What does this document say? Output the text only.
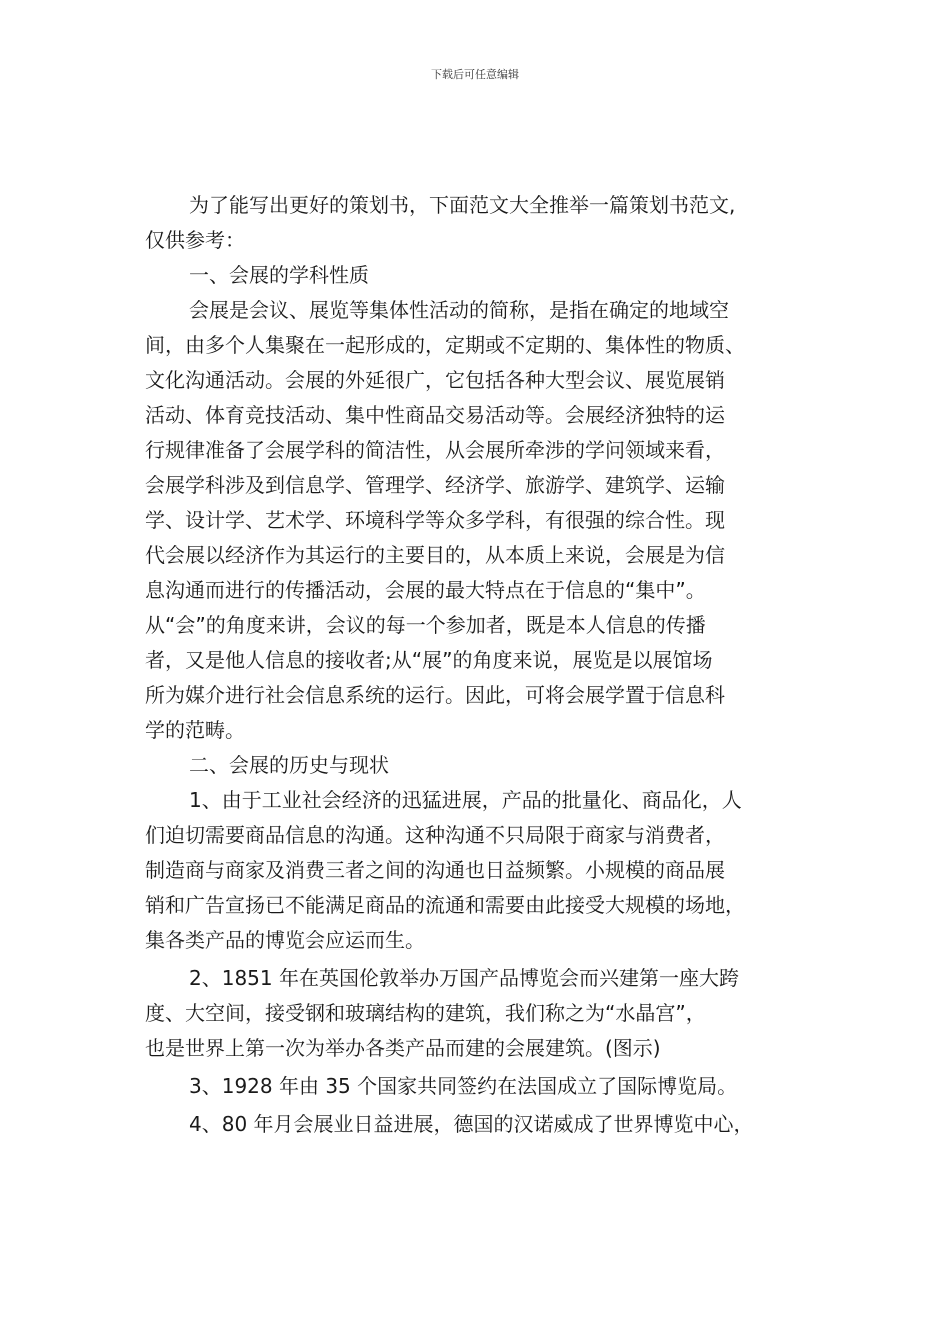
下载后可任意编辑
为了能写出更好的策划书，下面范文大全推举一篇策划书范文,
仅供参考：
一、会展的学科性质
会展是会议、展览等集体性活动的简称，是指在确定的地域空
间，由多个人集聚在一起形成的，定期或不定期的、集体性的物质、
文化沟通活动。会展的外延很广，它包括各种大型会议、展览展销
活动、体育竞技活动、集中性商品交易活动等。会展经济独特的运
行规律准备了会展学科的简洁性，从会展所牵涉的学问领域来看，
会展学科涉及到信息学、管理学、经济学、旅游学、建筑学、运输
学、设计学、艺术学、环境科学等众多学科，有很强的综合性。现
代会展以经济作为其运行的主要目的，从本质上来说，会展是为信
息沟通而进行的传播活动，会展的最大特点在于信息的“集中”。
从“会”的角度来讲，会议的每一个参加者，既是本人信息的传播
者，又是他人信息的接收者;从“展”的角度来说，展览是以展馆场
所为媒介进行社会信息系统的运行。因此，可将会展学置于信息科
学的范畴。
二、会展的历史与现状
1、由于工业社会经济的迅猛进展，产品的批量化、商品化，人
们迫切需要商品信息的沟通。这种沟通不只局限于商家与消费者，
制造商与商家及消费三者之间的沟通也日益频繁。小规模的商品展
销和广告宣扬已不能满足商品的流通和需要由此接受大规模的场地，
集各类产品的博览会应运而生。
2、1851 年在英国伦敦举办万国产品博览会而兴建第一座大跨
度、大空间，接受钢和玻璃结构的建筑，我们称之为“水晶宫”，
也是世界上第一次为举办各类产品而建的会展建筑。(图示)
3、1928 年由 35 个国家共同签约在法国成立了国际博览局。
4、80 年月会展业日益进展，德国的汉诺威成了世界博览中心，
